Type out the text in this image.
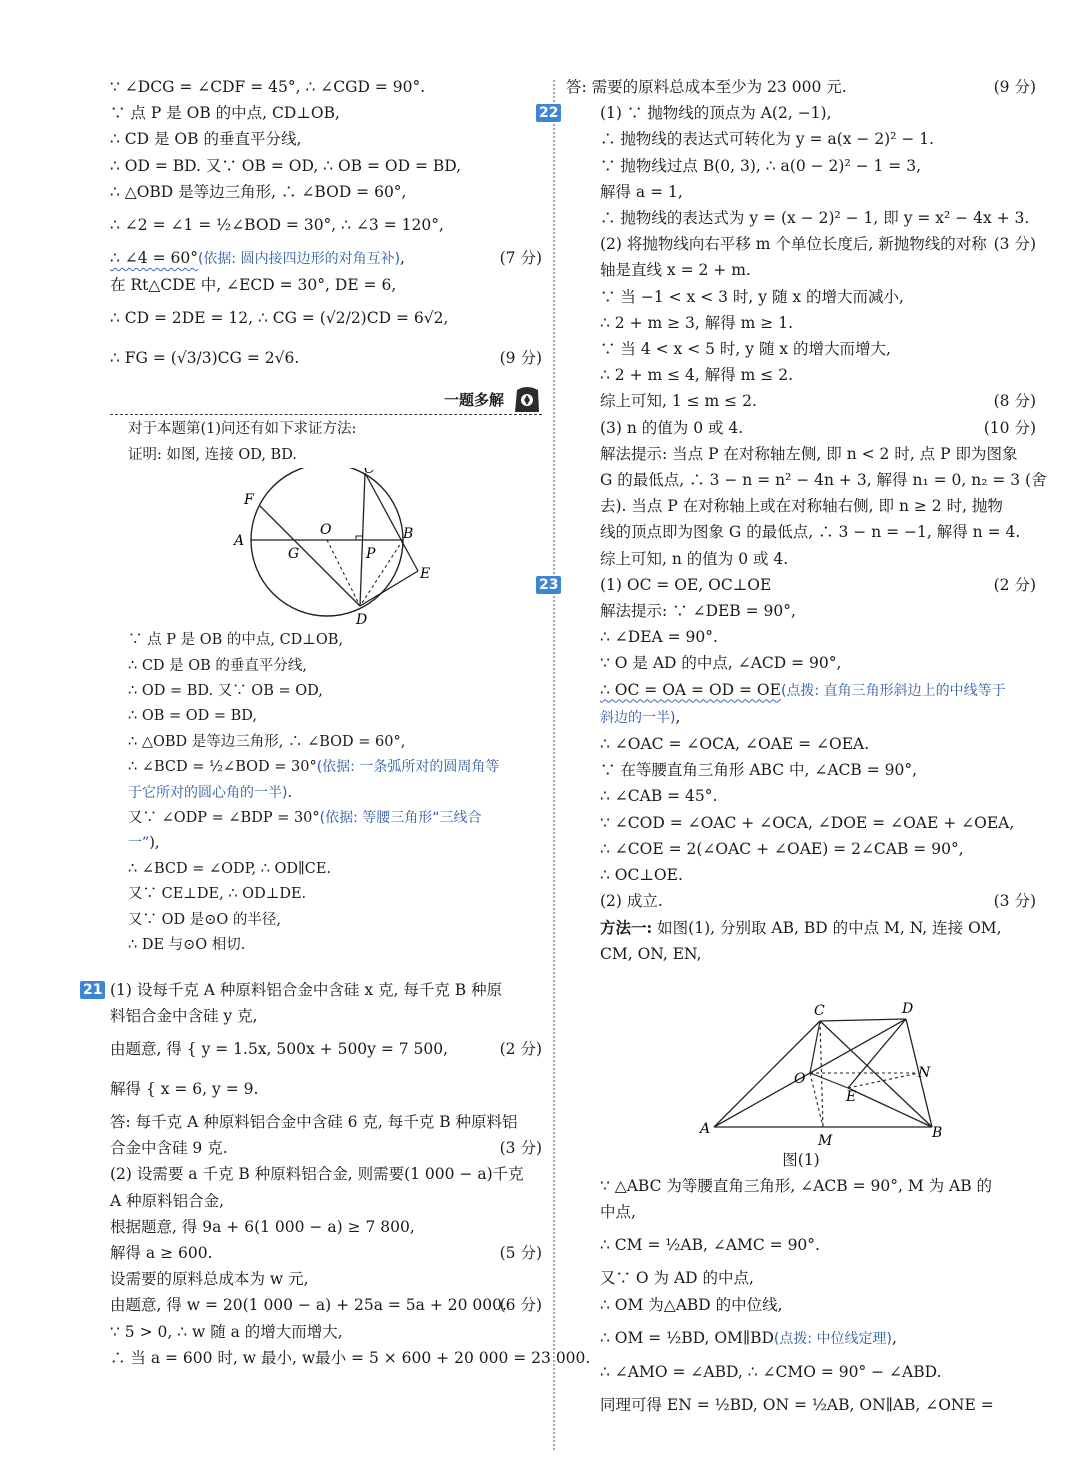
∵ ∠DCG = ∠CDF = 45°, ∴ ∠CGD = 90°.
∵ 点 P 是 OB 的中点, CD⊥OB,
∴ CD 是 OB 的垂直平分线,
∴ OD = BD. 又∵ OB = OD, ∴ OB = OD = BD,
∴ △OBD 是等边三角形, ∴ ∠BOD = 60°,
∴ ∠2 = ∠1 = ½∠BOD = 30°, ∴ ∠3 = 120°,
∴ ∠4 = 60°(依据: 圆内接四边形的对角互补),	(7 分)
在 Rt△CDE 中, ∠ECD = 30°, DE = 6,
∴ CD = 2DE = 12, ∴ CG = (√2/2)CD = 6√2,
∴ FG = (√3/3)CG = 2√6.	(9 分)
一题多解
对于本题第(1)问还有如下求证方法:
证明: 如图, 连接 OD, BD.
C
F
A
O
G	P
B
E
D
∵ 点 P 是 OB 的中点, CD⊥OB,
∴ CD 是 OB 的垂直平分线,
∴ OD = BD. 又∵ OB = OD,
∴ OB = OD = BD,
∴ △OBD 是等边三角形, ∴ ∠BOD = 60°,
∴ ∠BCD = ½∠BOD = 30°(依据: 一条弧所对的圆周角等
于它所对的圆心角的一半).
又∵ ∠ODP = ∠BDP = 30°(依据: 等腰三角形“三线合
一”),
∴ ∠BCD = ∠ODP, ∴ OD∥CE.
又∵ CE⊥DE, ∴ OD⊥DE.
又∵ OD 是⊙O 的半径,
∴ DE 与⊙O 相切.
21 (1) 设每千克 A 种原料铝合金中含硅 x 克, 每千克 B 种原
料铝合金中含硅 y 克,
由题意, 得 { y = 1.5x, 500x + 500y = 7 500,	(2 分)
解得 { x = 6, y = 9.
答: 每千克 A 种原料铝合金中含硅 6 克, 每千克 B 种原料铝
合金中含硅 9 克.	(3 分)
(2) 设需要 a 千克 B 种原料铝合金, 则需要(1 000 − a)千克
A 种原料铝合金,
根据题意, 得 9a + 6(1 000 − a) ≥ 7 800,
解得 a ≥ 600.	(5 分)
设需要的原料总成本为 w 元,
由题意, 得 w = 20(1 000 − a) + 25a = 5a + 20 000.
(6 分)
∵ 5 > 0, ∴ w 随 a 的增大而增大,
∴ 当 a = 600 时, w 最小, w最小 = 5 × 600 + 20 000 = 23 000.
答: 需要的原料总成本至少为 23 000 元.	(9 分)
22	(1) ∵ 抛物线的顶点为 A(2, −1),
∴ 抛物线的表达式可转化为 y = a(x − 2)² − 1.
∵ 抛物线过点 B(0, 3), ∴ a(0 − 2)² − 1 = 3,
解得 a = 1,
∴ 抛物线的表达式为 y = (x − 2)² − 1, 即 y = x² − 4x + 3.
(3 分)
(2) 将抛物线向右平移 m 个单位长度后, 新抛物线的对称
轴是直线 x = 2 + m.
∵ 当 −1 < x < 3 时, y 随 x 的增大而减小,
∴ 2 + m ≥ 3, 解得 m ≥ 1.
∵ 当 4 < x < 5 时, y 随 x 的增大而增大,
∴ 2 + m ≤ 4, 解得 m ≤ 2.
综上可知, 1 ≤ m ≤ 2.	(8 分)
(3) n 的值为 0 或 4.	(10 分)
解法提示: 当点 P 在对称轴左侧, 即 n < 2 时, 点 P 即为图象
G 的最低点, ∴ 3 − n = n² − 4n + 3, 解得 n₁ = 0, n₂ = 3 (舍
去). 当点 P 在对称轴上或在对称轴右侧, 即 n ≥ 2 时, 抛物
线的顶点即为图象 G 的最低点, ∴ 3 − n = −1, 解得 n = 4.
综上可知, n 的值为 0 或 4.
23	(1) OC = OE, OC⊥OE	(2 分)
解法提示: ∵ ∠DEB = 90°,
∴ ∠DEA = 90°.
∵ O 是 AD 的中点, ∠ACD = 90°,
∴ OC = OA = OD = OE(点拨: 直角三角形斜边上的中线等于
斜边的一半),
∴ ∠OAC = ∠OCA, ∠OAE = ∠OEA.
∵ 在等腰直角三角形 ABC 中, ∠ACB = 90°,
∴ ∠CAB = 45°.
∵ ∠COD = ∠OAC + ∠OCA, ∠DOE = ∠OAE + ∠OEA,
∴ ∠COE = 2(∠OAC + ∠OAE) = 2∠CAB = 90°,
∴ OC⊥OE.
(2) 成立.	(3 分)
方法一: 如图(1), 分别取 AB, BD 的中点 M, N, 连接 OM,
CM, ON, EN,
C	D
N
O
E
A
M	B
图(1)
∵ △ABC 为等腰直角三角形, ∠ACB = 90°, M 为 AB 的
中点,
∴ CM = ½AB, ∠AMC = 90°.
又∵ O 为 AD 的中点,
∴ OM 为△ABD 的中位线,
∴ OM = ½BD, OM∥BD(点拨: 中位线定理),
∴ ∠AMO = ∠ABD, ∴ ∠CMO = 90° − ∠ABD.
同理可得 EN = ½BD, ON = ½AB, ON∥AB, ∠ONE =
